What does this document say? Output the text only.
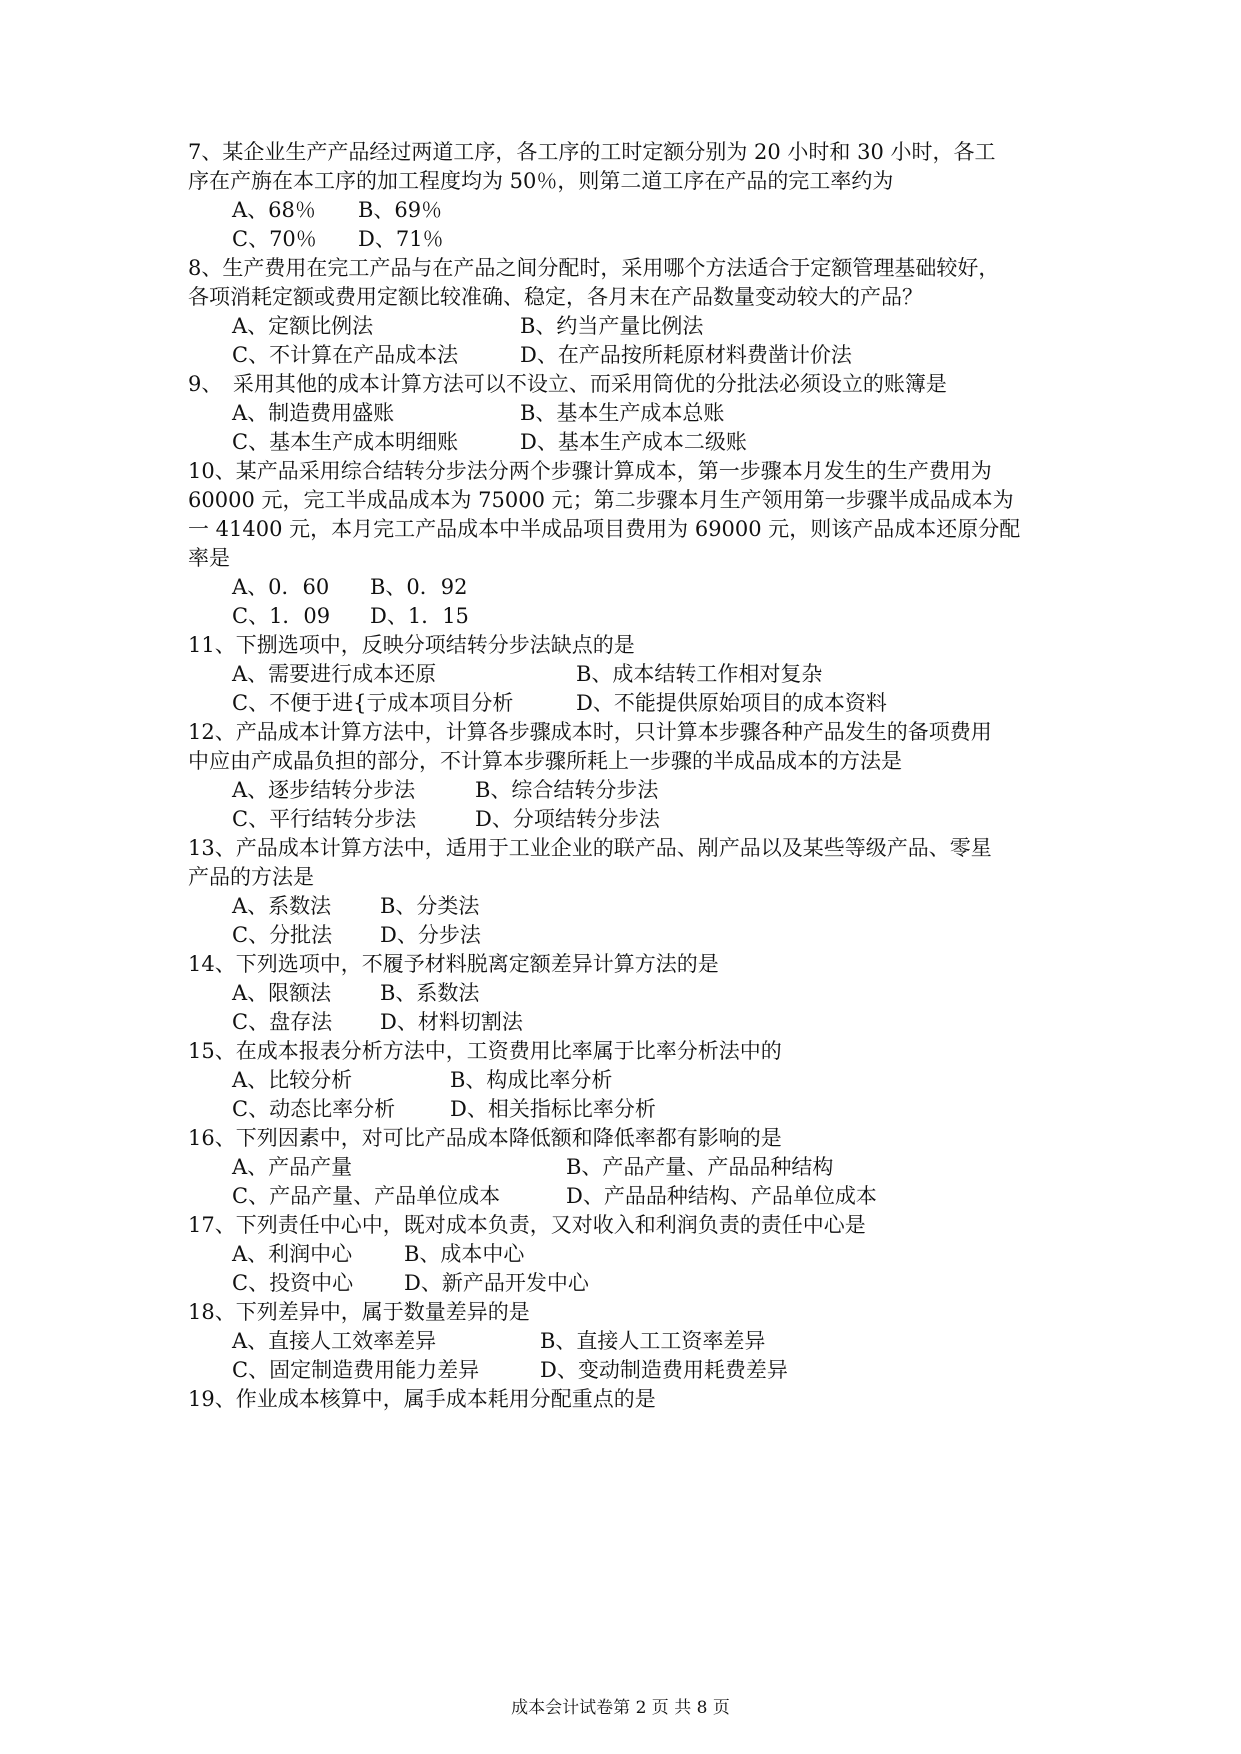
7、某企业生产产品经过两道工序，各工序的工时定额分别为 20 小时和 30 小时，各工
序在产旃在本工序的加工程度均为 50％，则第二道工序在产品的完工率约为
A、68％ B、69％
C、70％ D、71％
8、生产费用在完工产品与在产品之间分配时，采用哪个方法适合于定额管理基础较好，
各项消耗定额或费用定额比较准确、稳定，各月末在产品数量变动较大的产品？
A、定额比例法	B、约当产量比例法
C、不计算在产品成本法	D、在产品按所耗原材料费凿计价法
9、　采用其他的成本计算方法可以不设立、而采用筒优的分批法必须设立的账簿是
A、制造费用盛账	B、基本生产成本总账
C、基本生产成本明细账	D、基本生产成本二级账
10、某产品采用综合结转分步法分两个步骤计算成本，第一步骤本月发生的生产费用为
60000 元，完工半成品成本为 75000 元；第二步骤本月生产领用第一步骤半成品成本为
一 41400 元，本月完工产品成本中半成品项目费用为 69000 元，则该产品成本还原分配
率是
A、0．60 B、0．92
C、1．09 D、1．15
11、下捌选项中，反映分项结转分步法缺点的是
A、需要进行成本还原	B、成本结转工作相对复杂
C、不便于进{亍成本项目分析	D、不能提供原始项目的成本资料
12、产品成本计算方法中，计算各步骤成本时，只计算本步骤各种产品发生的备项费用
中应由产成晶负担的部分，不计算本步骤所耗上一步骤的半成品成本的方法是
A、逐步结转分步法	B、综合结转分步法
C、平行结转分步法	D、分项结转分步法
13、产品成本计算方法中，适用于工业企业的联产品、剐产品以及某些等级产品、零星
产品的方法是
A、系数法 B、分类法
C、分批法 D、分步法
14、下列选项中，不履予材料脱离定额差异计算方法的是
A、限额法 B、系数法
C、盘存法 D、材料切割法
15、在成本报表分析方法中，工资费用比率属于比率分析法中的
A、比较分析	B、构成比率分析
C、动态比率分析	D、相关指标比率分析
16、下列因素中，对可比产品成本降低额和降低率都有影响的是
A、产品产量	B、产品产量、产品品种结构
C、产品产量、产品单位成本	D、产品品种结构、产品单位成本
17、下列责任中心中，既对成本负责，又对收入和利润负责的责任中心是
A、利润中心 B、成本中心
C、投资中心 D、新产品开发中心
18、下列差异中，属于数量差异的是
A、直接人工效率差异	B、直接人工工资率差异
C、固定制造费用能力差异	D、变动制造费用耗费差异
19、作业成本核算中，属手成本耗用分配重点的是
成本会计试卷第 2 页 共 8 页
